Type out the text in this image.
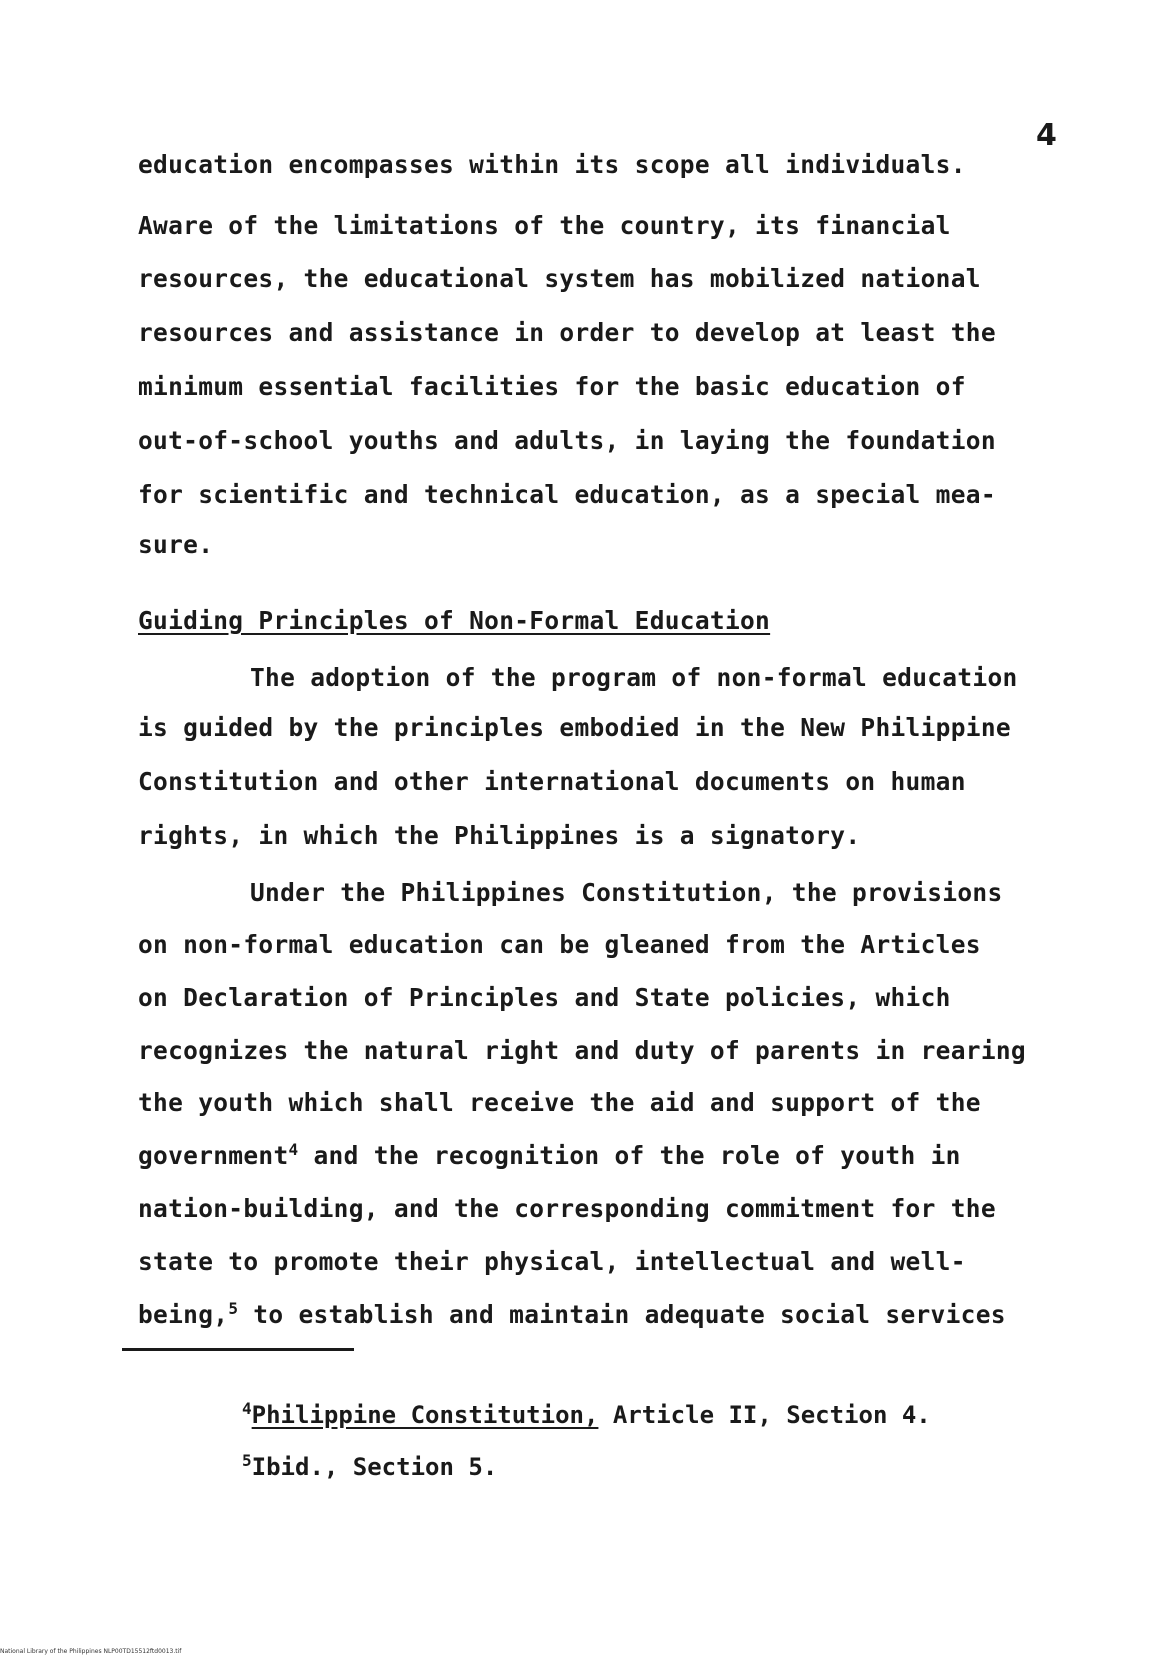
4

education encompasses within its scope all individuals.

Aware of the limitations of the country, its financial

resources, the educational system has mobilized national

resources and assistance in order to develop at least the

minimum essential facilities for the basic education of

out-of-school youths and adults, in laying the foundation

for scientific and technical education, as a special mea-

sure.

Guiding Principles of Non-Formal Education

The adoption of the program of non-formal education

is guided by the principles embodied in the New Philippine

Constitution and other international documents on human

rights, in which the Philippines is a signatory.

Under the Philippines Constitution, the provisions

on non-formal education can be gleaned from the Articles

on Declaration of Principles and State policies, which

recognizes the natural right and duty of parents in rearing

the youth which shall receive the aid and support of the

government$^4$ and the recognition of the role of youth in

nation-building, and the corresponding commitment for the

state to promote their physical, intellectual and well-

being,$^5$ to establish and maintain adequate social services

$^4$Philippine Constitution, Article II, Section 4.

$^5$Ibid., Section 5.

National Library of the Philippines NLP00TD15512ftd0013.tif
